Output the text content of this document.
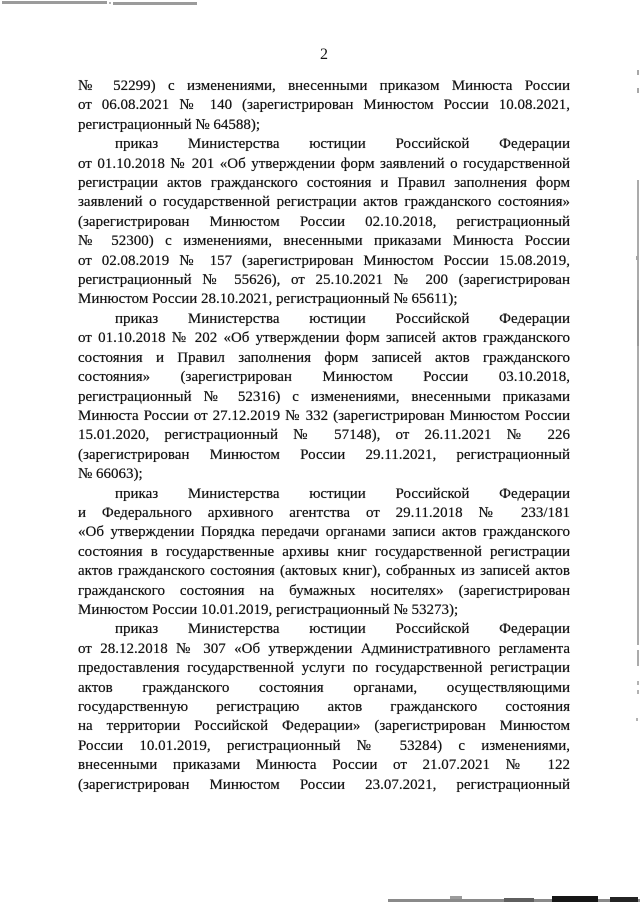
2
№ 52299) с изменениями, внесенными приказом Минюста России
от 06.08.2021 № 140 (зарегистрирован Минюстом России 10.08.2021,
регистрационный № 64588);
приказ Министерства юстиции Российской Федерации
от 01.10.2018 № 201 «Об утверждении форм заявлений о государственной
регистрации актов гражданского состояния и Правил заполнения форм
заявлений о государственной регистрации актов гражданского состояния»
(зарегистрирован Минюстом России 02.10.2018, регистрационный
№ 52300) с изменениями, внесенными приказами Минюста России
от 02.08.2019 № 157 (зарегистрирован Минюстом России 15.08.2019,
регистрационный № 55626), от 25.10.2021 № 200 (зарегистрирован
Минюстом России 28.10.2021, регистрационный № 65611);
приказ Министерства юстиции Российской Федерации
от 01.10.2018 № 202 «Об утверждении форм записей актов гражданского
состояния и Правил заполнения форм записей актов гражданского
состояния» (зарегистрирован Минюстом России 03.10.2018,
регистрационный № 52316) с изменениями, внесенными приказами
Минюста России от 27.12.2019 № 332 (зарегистрирован Минюстом России
15.01.2020, регистрационный № 57148), от 26.11.2021 № 226
(зарегистрирован Минюстом России 29.11.2021, регистрационный
№ 66063);
приказ Министерства юстиции Российской Федерации
и Федерального архивного агентства от 29.11.2018 № 233/181
«Об утверждении Порядка передачи органами записи актов гражданского
состояния в государственные архивы книг государственной регистрации
актов гражданского состояния (актовых книг), собранных из записей актов
гражданского состояния на бумажных носителях» (зарегистрирован
Минюстом России 10.01.2019, регистрационный № 53273);
приказ Министерства юстиции Российской Федерации
от 28.12.2018 № 307 «Об утверждении Административного регламента
предоставления государственной услуги по государственной регистрации
актов гражданского состояния органами, осуществляющими
государственную регистрацию актов гражданского состояния
на территории Российской Федерации» (зарегистрирован Минюстом
России 10.01.2019, регистрационный № 53284) с изменениями,
внесенными приказами Минюста России от 21.07.2021 № 122
(зарегистрирован Минюстом России 23.07.2021, регистрационный
